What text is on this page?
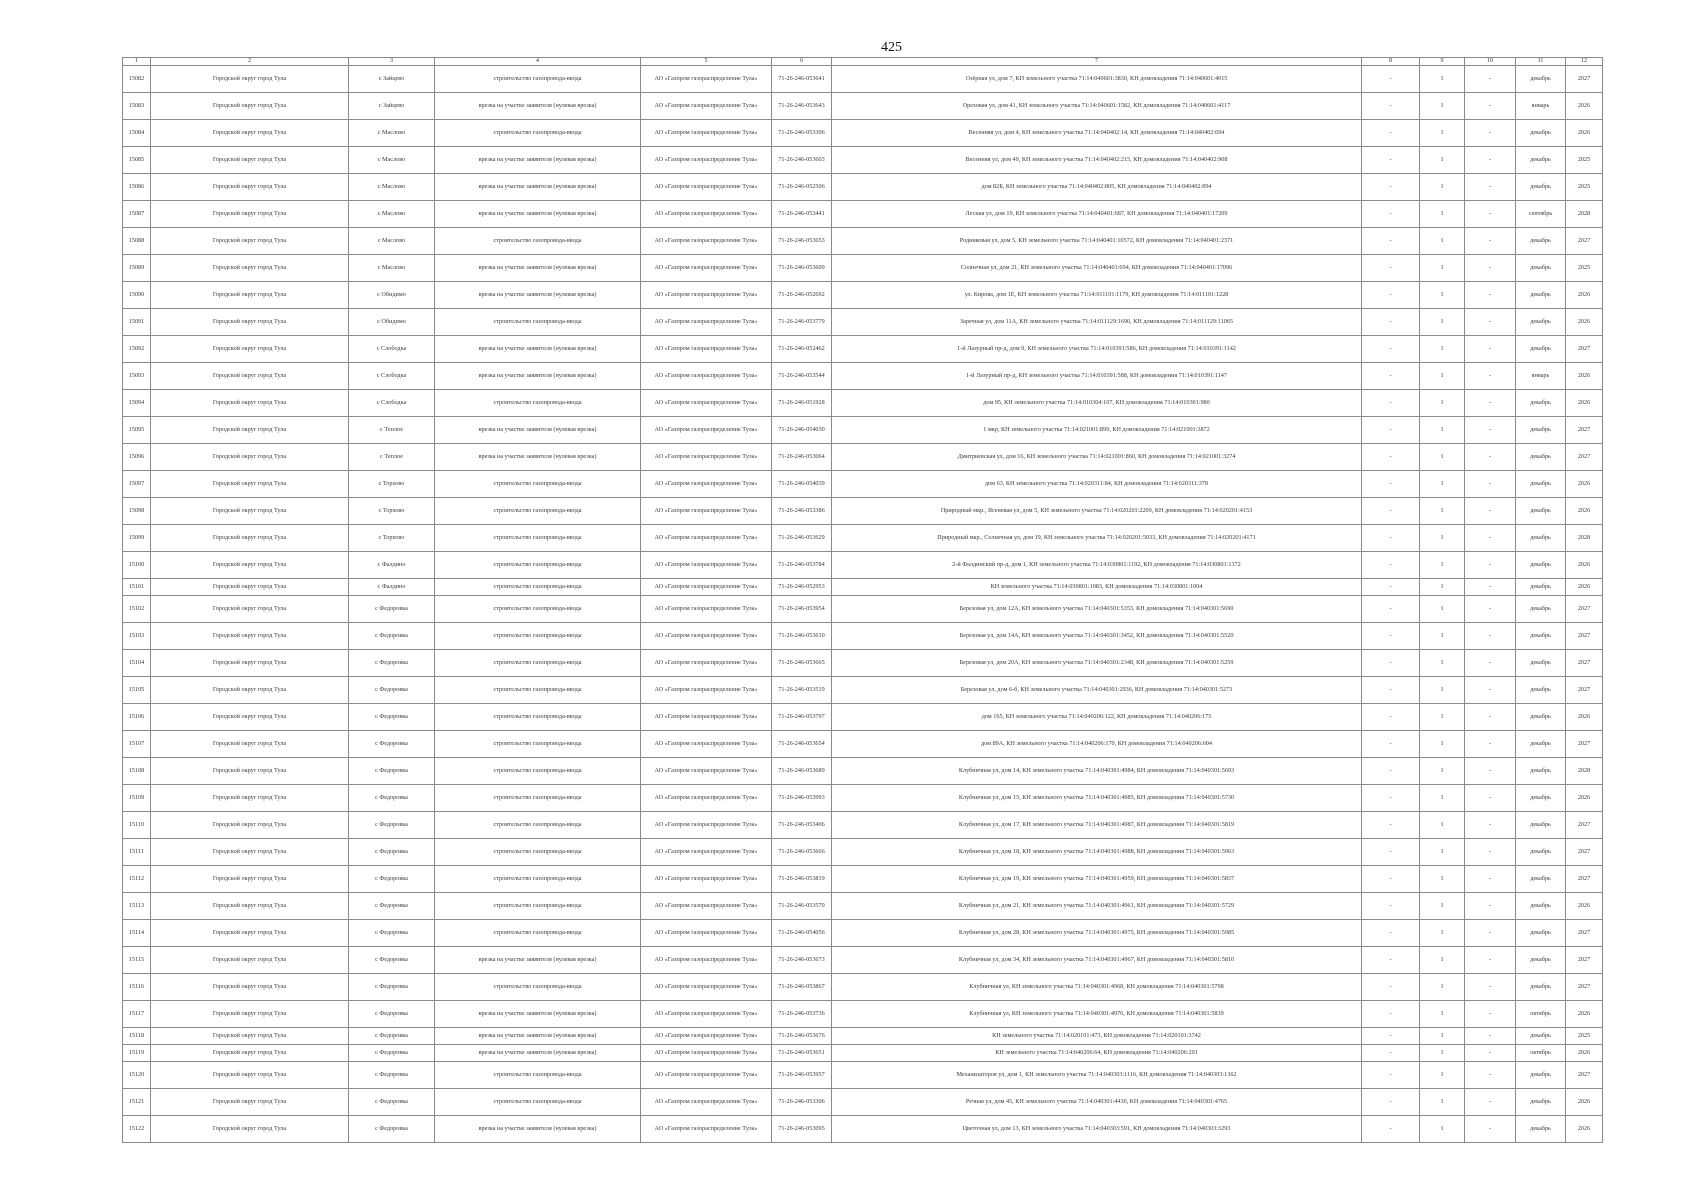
425
1	2	3	4	5	6	7	8	9	10	11	12
15082	Городской округ город Тула	с Зайцево	строительство газопровода-ввода	АО «Газпром газораспределение Тула»	71-26-246-053641	Озёрная ул, дом 7, КН земельного участка 71:14:040601:3830, КН домовладения 71:14:040601:4015	-	1	-	декабрь	2027
15083	Городской округ город Тула	с Зайцево	врезка на участке заявителя (нулевая врезка)	АО «Газпром газораспределение Тула»	71-26-246-053643	Ореховая ул, дом 41, КН земельного участка 71:14:040601:1582, КН домовладения 71:14:040601:4117	-	1	-	январь	2026
15084	Городской округ город Тула	с Маслово	строительство газопровода-ввода	АО «Газпром газораспределение Тула»	71-26-246-053306	Весенняя ул, дом 4, КН земельного участка 71:14:040402:14, КН домовладения 71:14:040402:694	-	1	-	декабрь	2026
15085	Городской округ город Тула	с Маслово	врезка на участке заявителя (нулевая врезка)	АО «Газпром газораспределение Тула»	71-26-246-053603	Весенняя ул, дом 49, КН земельного участка 71:14:040402:215, КН домовладения 71:14:040402:908	-	1	-	декабрь	2025
15086	Городской округ город Тула	с Маслово	врезка на участке заявителя (нулевая врезка)	АО «Газпром газораспределение Тула»	71-26-246-052506	дом 82Б, КН земельного участка 71:14:040402:805, КН домовладения 71:14:040402:894	-	1	-	декабрь	2025
15087	Городской округ город Тула	с Маслово	врезка на участке заявителя (нулевая врезка)	АО «Газпром газораспределение Тула»	71-26-246-053441	Лесная ул, дом 19, КН земельного участка 71:14:040401:687, КН домовладения 71:14:040401:17209	-	1	-	сентябрь	2028
15088	Городской округ город Тула	с Маслово	строительство газопровода-ввода	АО «Газпром газораспределение Тула»	71-26-246-053653	Родниковая ул, дом 5, КН земельного участка 71:14:040401:10572, КН домовладения 71:14:040401:2371	-	1	-	декабрь	2027
15089	Городской округ город Тула	с Маслово	врезка на участке заявителя (нулевая врезка)	АО «Газпром газораспределение Тула»	71-26-246-053609	Солнечная ул, дом 21, КН земельного участка 71:14:040401:694, КН домовладения 71:14:040401:17096	-	1	-	декабрь	2025
15090	Городской округ город Тула	с Обидимо	врезка на участке заявителя (нулевая врезка)	АО «Газпром газораспределение Тула»	71-26-246-052692	ул. Кирова, дом 1Е, КН земельного участка 71:14:011101:1179, КН домовладения 71:14:011101:1228	-	1	-	декабрь	2026
15091	Городской округ город Тула	с Обидимо	строительство газопровода-ввода	АО «Газпром газораспределение Тула»	71-26-246-053779	Заречная ул, дом 11А, КН земельного участка 71:14:011129:1690, КН домовладения 71:14:011129:11065	-	1	-	декабрь	2026
15092	Городской округ город Тула	с Слободка	врезка на участке заявителя (нулевая врезка)	АО «Газпром газораспределение Тула»	71-26-246-052462	1-й Лазурный пр-д, дом 9, КН земельного участка 71:14:010391:586, КН домовладения 71:14:010391:1142	-	1	-	декабрь	2027
15093	Городской округ город Тула	с Слободка	врезка на участке заявителя (нулевая врезка)	АО «Газпром газораспределение Тула»	71-26-246-053544	1-й Лазурный пр-д, КН земельного участка 71:14:010391:588, КН домовладения 71:14:010391:1147	-	1	-	январь	2026
15094	Городской округ город Тула	с Слободка	строительство газопровода-ввода	АО «Газпром газораспределение Тула»	71-26-246-051928	дом 95, КН земельного участка 71:14:010304:107, КН домовладения 71:14:010301:980	-	1	-	декабрь	2026
15095	Городской округ город Тула	с Теплое	врезка на участке заявителя (нулевая врезка)	АО «Газпром газораспределение Тула»	71-26-246-054030	1 мкр, КН земельного участка 71:14:021001:899, КН домовладения 71:14:021001:3872	-	1	-	декабрь	2027
15096	Городской округ город Тула	с Теплое	врезка на участке заявителя (нулевая врезка)	АО «Газпром газораспределение Тула»	71-26-246-053064	Дмитриевская ул, дом 16, КН земельного участка 71:14:021001:860, КН домовладения 71:14:021001:3274	-	1	-	декабрь	2027
15097	Городской округ город Тула	с Торхово	строительство газопровода-ввода	АО «Газпром газораспределение Тула»	71-26-246-054039	дом 63, КН земельного участка 71:14:020311:84, КН домовладения 71:14:020311:378	-	1	-	декабрь	2026
15098	Городской округ город Тула	с Торхово	строительство газопровода-ввода	АО «Газпром газораспределение Тула»	71-26-246-053386	Природный мкр., Ясеневая ул, дом 5, КН земельного участка 71:14:020201:2209, КН домовладения 71:14:020201:4153	-	1	-	декабрь	2026
15099	Городской округ город Тула	с Торхово	строительство газопровода-ввода	АО «Газпром газораспределение Тула»	71-26-246-053629	Природный мкр., Солнечная ул, дом 19, КН земельного участка 71:14:020201:5033, КН домовладения 71:14:020201:4171	-	1	-	декабрь	2028
15100	Городской округ город Тула	с Фалдино	строительство газопровода-ввода	АО «Газпром газораспределение Тула»	71-26-246-053784	2-й Фалдинский пр-д, дом 1, КН земельного участка 71:14:030801:1192, КН домовладения 71:14:030801:1372	-	1	-	декабрь	2026
15101	Городской округ город Тула	с Фалдино	строительство газопровода-ввода	АО «Газпром газораспределение Тула»	71-26-246-052953	КН земельного участка 71:14:030801:1083, КН домовладения 71:14:030801:1004	-	1	-	декабрь	2026
15102	Городской округ город Тула	с Федоровка	строительство газопровода-ввода	АО «Газпром газораспределение Тула»	71-26-246-053954	Березовая ул, дом 12А, КН земельного участка 71:14:040301:5353, КН домовладения 71:14:040301:5690	-	1	-	декабрь	2027
15103	Городской округ город Тула	с Федоровка	строительство газопровода-ввода	АО «Газпром газораспределение Тула»	71-26-246-053610	Березовая ул, дом 14А, КН земельного участка 71:14:040301:3452, КН домовладения 71:14:040301:5520	-	1	-	декабрь	2027
15104	Городской округ город Тула	с Федоровка	строительство газопровода-ввода	АО «Газпром газораспределение Тула»	71-26-246-053665	Березовая ул, дом 20А, КН земельного участка 71:14:040301:2348, КН домовладения 71:14:040301:5259	-	1	-	декабрь	2027
15105	Городской округ город Тула	с Федоровка	строительство газопровода-ввода	АО «Газпром газораспределение Тула»	71-26-246-053519	Березовая ул, дом 6-б, КН земельного участка 71:14:040301:2936, КН домовладения 71:14:040301:5273	-	1	-	декабрь	2027
15106	Городской округ город Тула	с Федоровка	строительство газопровода-ввода	АО «Газпром газораспределение Тула»	71-26-246-053797	дом 165, КН земельного участка 71:14:040206:122, КН домовладения 71:14:040206:175	-	1	-	декабрь	2026
15107	Городской округ город Тула	с Федоровка	строительство газопровода-ввода	АО «Газпром газораспределение Тула»	71-26-246-053654	дом 89А, КН земельного участка 71:14:040206:170, КН домовладения 71:14:040206:604	-	1	-	декабрь	2027
15108	Городской округ город Тула	с Федоровка	строительство газопровода-ввода	АО «Газпром газораспределение Тула»	71-26-246-053689	Клубничная ул, дом 14, КН земельного участка 71:14:040301:4984, КН домовладения 71:14:040301:5693	-	1	-	декабрь	2028
15109	Городской округ город Тула	с Федоровка	строительство газопровода-ввода	АО «Газпром газораспределение Тула»	71-26-246-053993	Клубничная ул, дом 15, КН земельного участка 71:14:040301:4985, КН домовладения 71:14:040301:5730	-	1	-	декабрь	2026
15110	Городской округ город Тула	с Федоровка	строительство газопровода-ввода	АО «Газпром газораспределение Тула»	71-26-246-053406	Клубничная ул, дом 17, КН земельного участка 71:14:040301:4987, КН домовладения 71:14:040301:5819	-	1	-	декабрь	2027
15111	Городской округ город Тула	с Федоровка	строительство газопровода-ввода	АО «Газпром газораспределение Тула»	71-26-246-053666	Клубничная ул, дом 18, КН земельного участка 71:14:040301:4988, КН домовладения 71:14:040301:5963	-	1	-	декабрь	2027
15112	Городской округ город Тула	с Федоровка	строительство газопровода-ввода	АО «Газпром газораспределение Тула»	71-26-246-053819	Клубничная ул, дом 19, КН земельного участка 71:14:040301:4959, КН домовладения 71:14:040301:5837	-	1	-	декабрь	2027
15113	Городской округ город Тула	с Федоровка	строительство газопровода-ввода	АО «Газпром газораспределение Тула»	71-26-246-053570	Клубничная ул, дом 21, КН земельного участка 71:14:040301:4961, КН домовладения 71:14:040301:5729	-	1	-	декабрь	2026
15114	Городской округ город Тула	с Федоровка	строительство газопровода-ввода	АО «Газпром газораспределение Тула»	71-26-246-054056	Клубничная ул, дом 28, КН земельного участка 71:14:040301:4975, КН домовладения 71:14:040301:5985	-	1	-	декабрь	2027
15115	Городской округ город Тула	с Федоровка	врезка на участке заявителя (нулевая врезка)	АО «Газпром газораспределение Тула»	71-26-246-053673	Клубничная ул, дом 34, КН земельного участка 71:14:040301:4967, КН домовладения 71:14:040301:5810	-	1	-	декабрь	2027
15116	Городской округ город Тула	с Федоровка	строительство газопровода-ввода	АО «Газпром газораспределение Тула»	71-26-246-053867	Клубничная ул, КН земельного участка 71:14:040301:4968, КН домовладения 71:14:040301:5798	-	1	-	декабрь	2027
15117	Городской округ город Тула	с Федоровка	врезка на участке заявителя (нулевая врезка)	АО «Газпром газораспределение Тула»	71-26-246-053736	Клубничная ул, КН земельного участка 71:14:040301:4976, КН домовладения 71:14:040301:5839	-	1	-	октябрь	2026
15118	Городской округ город Тула	с Федоровка	врезка на участке заявителя (нулевая врезка)	АО «Газпром газораспределение Тула»	71-26-246-053676	КН земельного участка 71:14:020101:473, КН домовладения 71:14:020101:3742	-	1	-	декабрь	2025
15119	Городской округ город Тула	с Федоровка	врезка на участке заявителя (нулевая врезка)	АО «Газпром газораспределение Тула»	71-26-246-053651	КН земельного участка 71:14:040206:64, КН домовладения 71:14:040206:291	-	1	-	октябрь	2026
15120	Городской округ город Тула	с Федоровка	строительство газопровода-ввода	АО «Газпром газораспределение Тула»	71-26-246-053957	Механизаторов ул, дом 1, КН земельного участка 71:14:040303:1116, КН домовладения 71:14:040303:1362	-	1	-	декабрь	2027
15121	Городской округ город Тула	с Федоровка	строительство газопровода-ввода	АО «Газпром газораспределение Тула»	71-26-246-053306	Речная ул, дом 45, КН земельного участка 71:14:040301:4430, КН домовладения 71:14:040301:4765	-	1	-	декабрь	2026
15122	Городской округ город Тула	с Федоровка	врезка на участке заявителя (нулевая врезка)	АО «Газпром газораспределение Тула»	71-26-246-053095	Цветочная ул, дом 13, КН земельного участка 71:14:040303:591, КН домовладения 71:14:040303:3293	-	1	-	декабрь	2026
